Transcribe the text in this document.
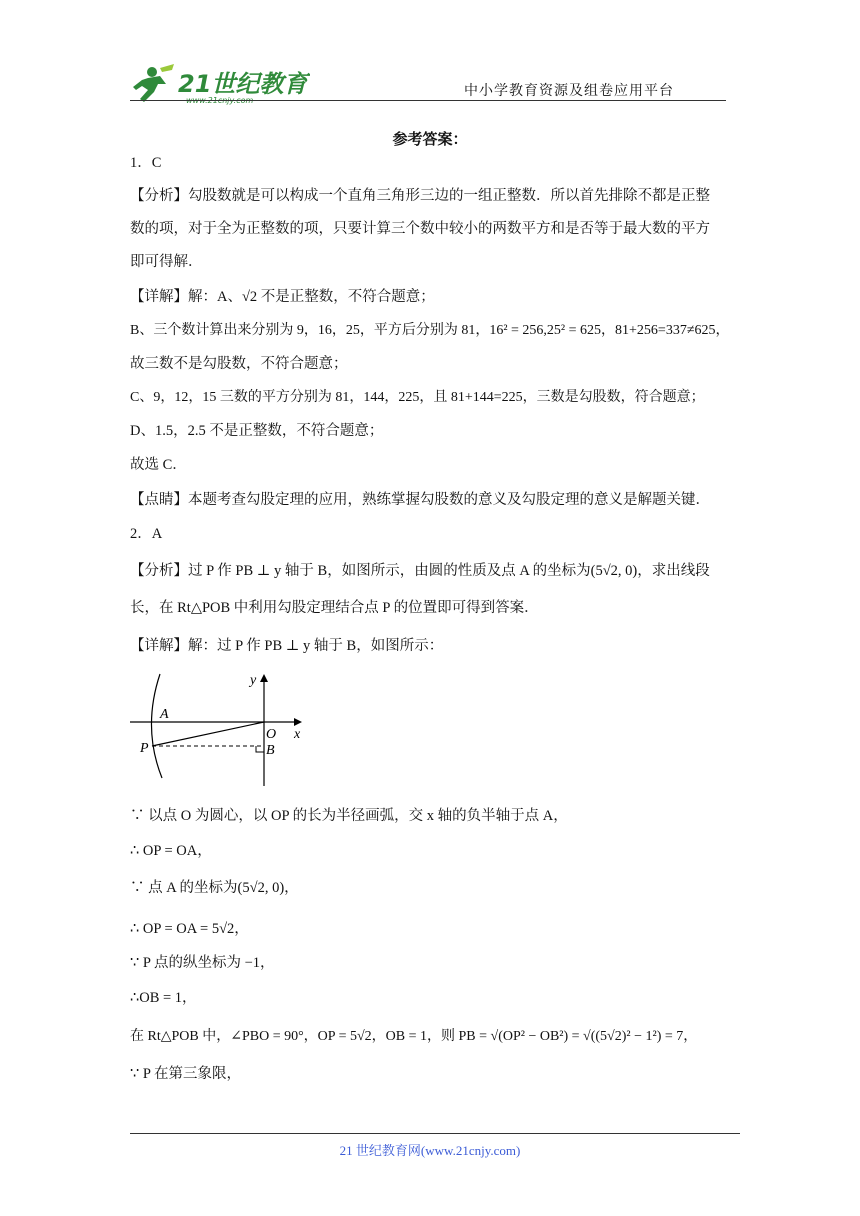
21世纪教育	中小学教育资源及组卷应用平台
参考答案：
1．C
【分析】勾股数就是可以构成一个直角三角形三边的一组正整数．所以首先排除不都是正整
数的项，对于全为正整数的项，只要计算三个数中较小的两数平方和是否等于最大数的平方
即可得解．
【详解】解：A、√2 不是正整数，不符合题意；
B、三个数计算出来分别为 9，16，25，平方后分别为 81，16² = 256,25² = 625，81+256=337≠625，
故三数不是勾股数，不符合题意；
C、9，12，15 三数的平方分别为 81，144，225，且 81+144=225，三数是勾股数，符合题意；
D、1.5，2.5 不是正整数，不符合题意；
故选 C．
【点睛】本题考查勾股定理的应用，熟练掌握勾股数的意义及勾股定理的意义是解题关键．
2．A
【分析】过 P 作 PB ⊥ y 轴于 B，如图所示，由圆的性质及点 A 的坐标为(5√2, 0)，求出线段
长，在 Rt△POB 中利用勾股定理结合点 P 的位置即可得到答案．
【详解】解：过 P 作 PB ⊥ y 轴于 B，如图所示：
y
x
A
O
P	B
∵ 以点 O 为圆心，以 OP 的长为半径画弧，交 x 轴的负半轴于点 A，
∴ OP = OA，
∵ 点 A 的坐标为(5√2, 0)，
∴ OP = OA = 5√2，
∵ P 点的纵坐标为 −1，
∴OB = 1，
在 Rt△POB 中，∠PBO = 90°，OP = 5√2，OB = 1，则 PB = √(OP² − OB²) = √((5√2)² − 1²) = 7，
∵ P 在第三象限，
21 世纪教育网(www.21cnjy.com)
